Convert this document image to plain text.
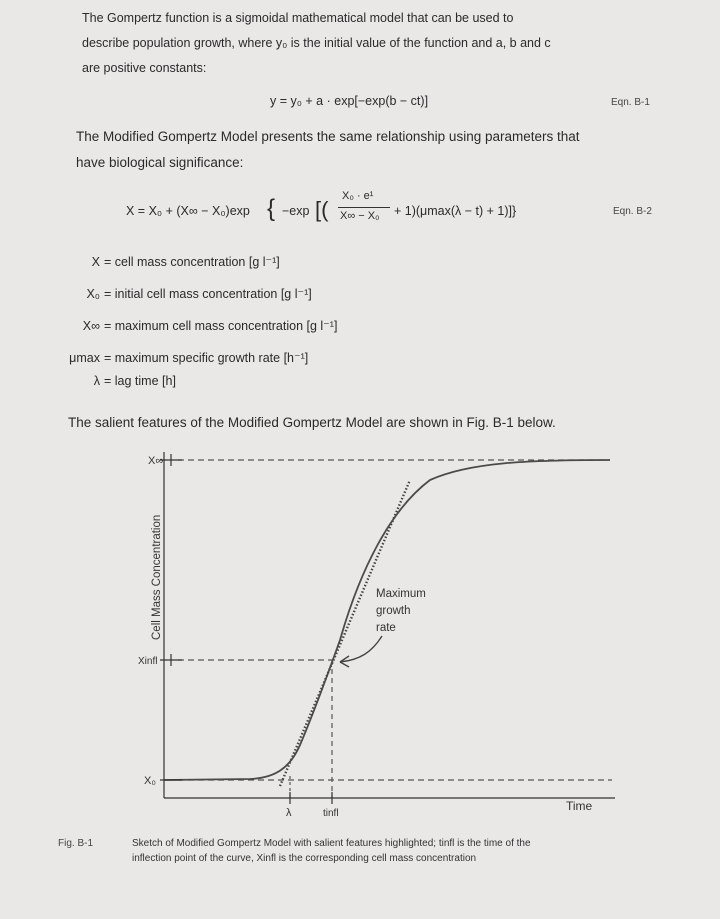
The Gompertz function is a sigmoidal mathematical model that can be used to
describe population growth, where y₀ is the initial value of the function and a, b and c
are positive constants:
y = y₀ + a · exp[−exp(b − ct)]	Eqn. B-1
The Modified Gompertz Model presents the same relationship using parameters that
have biological significance:
X = X₀ + (X∞ − X₀)exp { −exp [(
X₀ · e¹
X∞ − X₀ + 1)(μmax(λ − t) + 1)]}	Eqn. B-2
X = cell mass concentration [g l⁻¹]
X₀ = initial cell mass concentration [g l⁻¹]
X∞ = maximum cell mass concentration [g l⁻¹]
μmax = maximum specific growth rate [h⁻¹]
λ = lag time [h]
The salient features of the Modified Gompertz Model are shown in Fig. B-1 below.
X∞
Xinfl
X₀
λ	tinfl
Time
Cell Mass Concentration	Maximum
growth
rate
Fig. B-1	Sketch of Modified Gompertz Model with salient features highlighted; tinfl is the time of the
inflection point of the curve, Xinfl is the corresponding cell mass concentration
